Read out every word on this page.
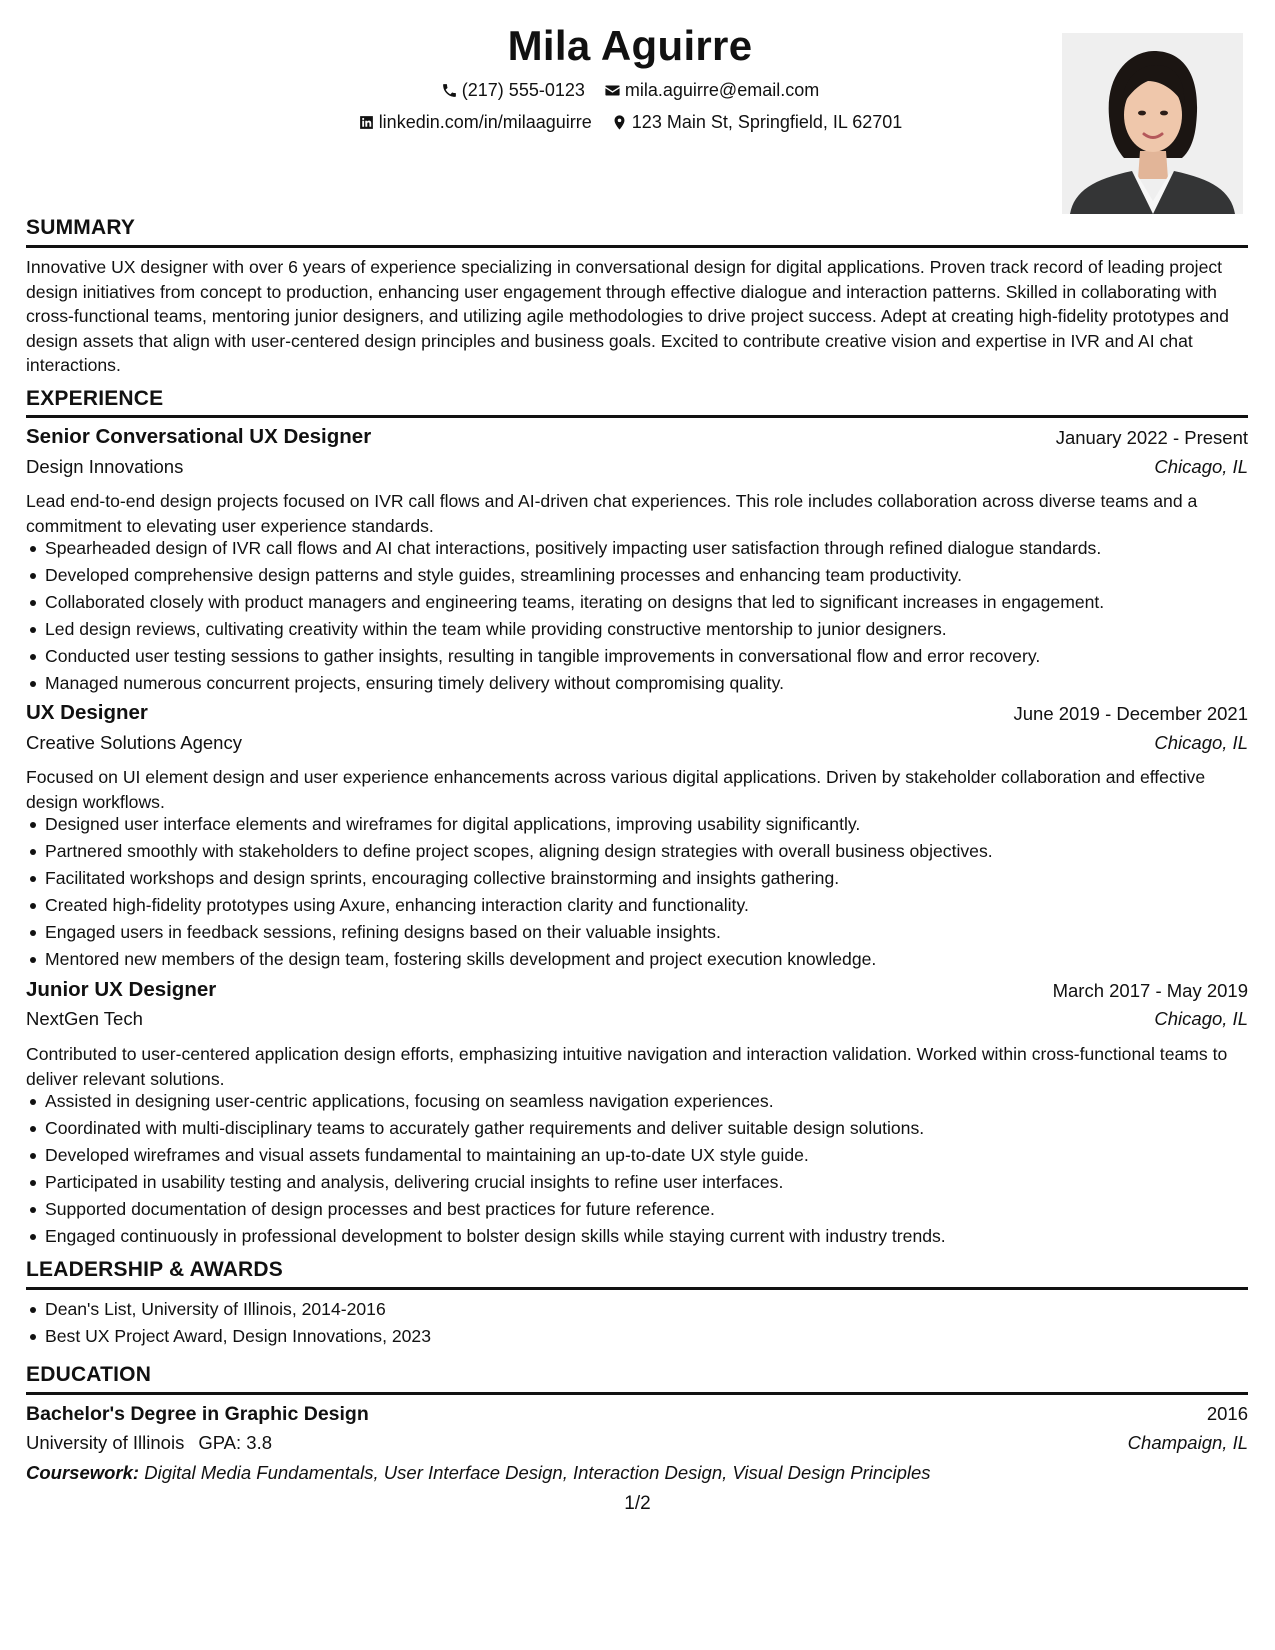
Mila Aguirre
(217) 555-0123
mila.aguirre@email.com
linkedin.com/in/milaaguirre
123 Main St, Springfield, IL 62701
SUMMARY
Innovative UX designer with over 6 years of experience specializing in conversational design for digital applications. Proven track record of leading project design initiatives from concept to production, enhancing user engagement through effective dialogue and interaction patterns. Skilled in collaborating with cross-functional teams, mentoring junior designers, and utilizing agile methodologies to drive project success. Adept at creating high-fidelity prototypes and design assets that align with user-centered design principles and business goals. Excited to contribute creative vision and expertise in IVR and AI chat interactions.
EXPERIENCE
Senior Conversational UX Designer	January 2022 - Present
Design Innovations	Chicago, IL
Lead end-to-end design projects focused on IVR call flows and AI-driven chat experiences. This role includes collaboration across diverse teams and a commitment to elevating user experience standards.
Spearheaded design of IVR call flows and AI chat interactions, positively impacting user satisfaction through refined dialogue standards.
Developed comprehensive design patterns and style guides, streamlining processes and enhancing team productivity.
Collaborated closely with product managers and engineering teams, iterating on designs that led to significant increases in engagement.
Led design reviews, cultivating creativity within the team while providing constructive mentorship to junior designers.
Conducted user testing sessions to gather insights, resulting in tangible improvements in conversational flow and error recovery.
Managed numerous concurrent projects, ensuring timely delivery without compromising quality.
UX Designer	June 2019 - December 2021
Creative Solutions Agency	Chicago, IL
Focused on UI element design and user experience enhancements across various digital applications. Driven by stakeholder collaboration and effective design workflows.
Designed user interface elements and wireframes for digital applications, improving usability significantly.
Partnered smoothly with stakeholders to define project scopes, aligning design strategies with overall business objectives.
Facilitated workshops and design sprints, encouraging collective brainstorming and insights gathering.
Created high-fidelity prototypes using Axure, enhancing interaction clarity and functionality.
Engaged users in feedback sessions, refining designs based on their valuable insights.
Mentored new members of the design team, fostering skills development and project execution knowledge.
Junior UX Designer	March 2017 - May 2019
NextGen Tech	Chicago, IL
Contributed to user-centered application design efforts, emphasizing intuitive navigation and interaction validation. Worked within cross-functional teams to deliver relevant solutions.
Assisted in designing user-centric applications, focusing on seamless navigation experiences.
Coordinated with multi-disciplinary teams to accurately gather requirements and deliver suitable design solutions.
Developed wireframes and visual assets fundamental to maintaining an up-to-date UX style guide.
Participated in usability testing and analysis, delivering crucial insights to refine user interfaces.
Supported documentation of design processes and best practices for future reference.
Engaged continuously in professional development to bolster design skills while staying current with industry trends.
LEADERSHIP & AWARDS
Dean's List, University of Illinois, 2014-2016
Best UX Project Award, Design Innovations, 2023
EDUCATION
Bachelor's Degree in Graphic Design	2016
University of Illinois GPA: 3.8	Champaign, IL
Coursework: Digital Media Fundamentals, User Interface Design, Interaction Design, Visual Design Principles
1/2
